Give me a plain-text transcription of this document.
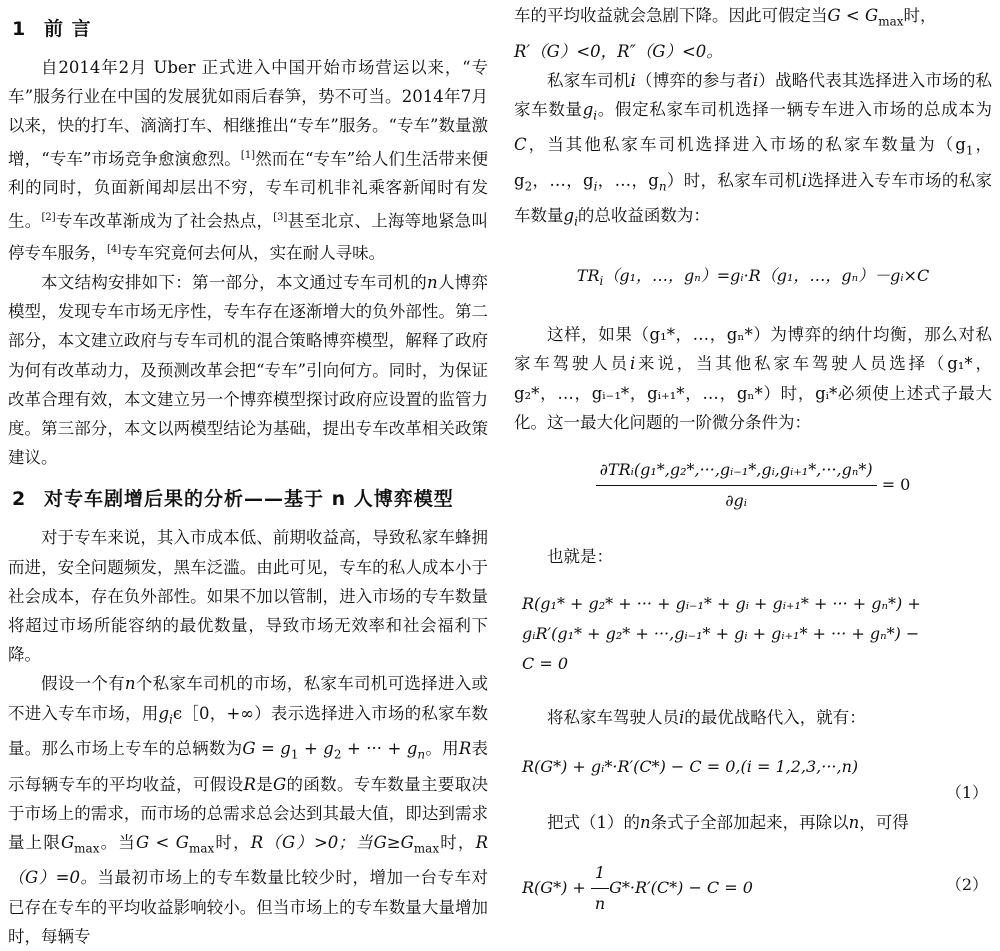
1 前 言

自2014年2月 Uber 正式进入中国开始市场营运以来，“专车”服务行业在中国的发展犹如雨后春笋，势不可当。2014年7月以来，快的打车、滴滴打车、相继推出“专车”服务。“专车”数量激增，“专车”市场竞争愈演愈烈。[1]然而在“专车”给人们生活带来便利的同时，负面新闻却层出不穷，专车司机非礼乘客新闻时有发生。[2]专车改革渐成为了社会热点，[3]甚至北京、上海等地紧急叫停专车服务，[4]专车究竟何去何从，实在耐人寻味。

本文结构安排如下：第一部分，本文通过专车司机的n人博弈模型，发现专车市场无序性，专车存在逐渐增大的负外部性。第二部分，本文建立政府与专车司机的混合策略博弈模型，解释了政府为何有改革动力，及预测改革会把“专车”引向何方。同时，为保证改革合理有效，本文建立另一个博弈模型探讨政府应设置的监管力度。第三部分，本文以两模型结论为基础，提出专车改革相关政策建议。

2 对专车剧增后果的分析——基于 n 人博弈模型

对于专车来说，其入市成本低、前期收益高，导致私家车蜂拥而进，安全问题频发，黑车泛滥。由此可见，专车的私人成本小于社会成本，存在负外部性。如果不加以管制，进入市场的专车数量将超过市场所能容纳的最优数量，导致市场无效率和社会福利下降。

假设一个有n个私家车司机的市场，私家车司机可选择进入或不进入专车市场，用$g_i\epsilon[0$，+∞）表示选择进入市场的私家车数量。那么市场上专车的总辆数为$G = g_1 + g_2$ + ··· + $g_n$。用R表示每辆专车的平均收益，可假设R是G的函数。专车数量主要取决于市场上的需求，而市场的总需求总会达到其最大值，即达到需求量上限$G_{max}$。当$G < G_{max}$时，R（G）>0；当$G\ge G_{max}$时，R（G）=0。当最初市场上的专车数量比较少时，增加一台专车对已存在专车的平均收益影响较小。但当市场上的专车数量大量增加时，每辆专

车的平均收益就会急剧下降。因此可假定当$G < G_{max}$时，
R′（G）<0，R″（G）<0。

私家车司机i（博弈的参与者i）战略代表其选择进入市场的私家车数量$g_i$。假定私家车司机选择一辆专车进入市场的总成本为C，当其他私家车司机选择进入市场的私家车数量为（$g_1$，$g_2$，…，$g_i$，…，$g_n$）时，私家车司机i选择进入专车市场的私家车数量$g_i$的总收益函数为：

$TR_i(g_1$，…，gₙ）=gᵢ·R（g₁，…，gₙ）－gᵢ×C

这样，如果（g₁*，…，gₙ*）为博弈的纳什均衡，那么对私家车驾驶人员i来说，当其他私家车驾驶人员选择（g₁*，g₂*，…，gᵢ₋₁*，gᵢ₊₁*，…，gₙ*）时，gᵢ*必须使上述式子最大化。这一最大化问题的一阶微分条件为：

$\frac{\text{∂TRᵢ(g₁*,g₂*,···,gᵢ₋₁*,gᵢ,gᵢ₊₁*,···,gₙ*)}}{\text{∂gᵢ}} = 0$

也就是：

R(g₁* + g₂* + ··· + gᵢ₋₁* + gᵢ + gᵢ₊₁* + ··· + gₙ*) +
gᵢR′(g₁* + g₂* + ···,gᵢ₋₁* + gᵢ + gᵢ₊₁* + ··· + gₙ*) −
C = 0

将私家车驾驶人员i的最优战略代入，就有：

R(G*) + gᵢ*·R′(C*) − C = 0,(i = 1,2,3,···,n)
（1）

把式（1）的n条式子全部加起来，再除以n，可得

$R(G*) + \frac{1}{n} G*\cdot R'(C*) - C = 0$	（2）
